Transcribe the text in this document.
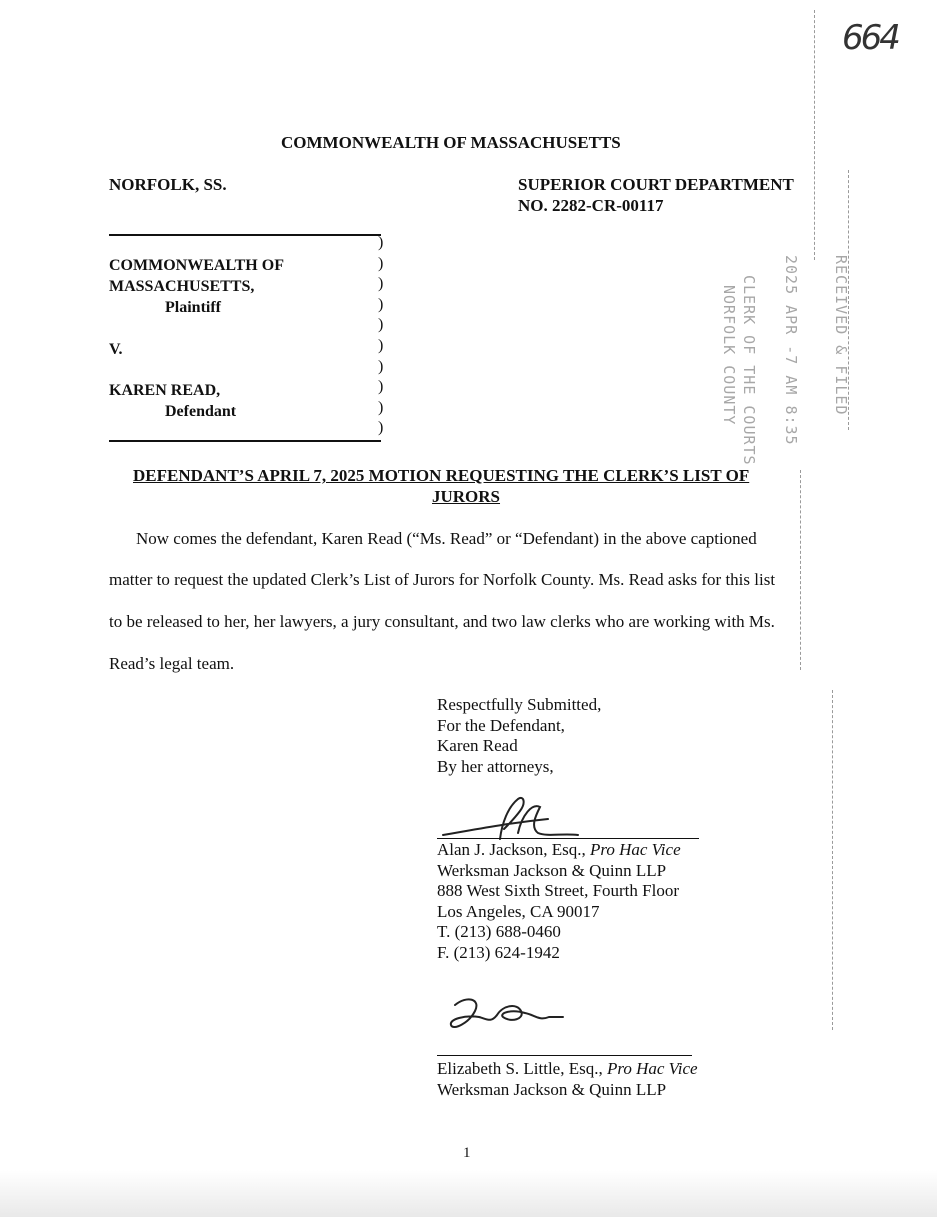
664
COMMONWEALTH OF MASSACHUSETTS
NORFOLK, SS.	SUPERIOR COURT DEPARTMENT
NO. 2282-CR-00117
COMMONWEALTH OF
MASSACHUSETTS,
Plaintiff
V.
KAREN READ,
Defendant
)
)
)
)
)
)
)
)
)
)
RECEIVED & FILED
2025 APR -7 AM 8:35
CLERK OF THE COURTS
NORFOLK COUNTY
DEFENDANT’S APRIL 7, 2025 MOTION REQUESTING THE CLERK’S LIST OF
JURORS
Now comes the defendant, Karen Read (“Ms. Read” or “Defendant) in the above captioned
matter to request the updated Clerk’s List of Jurors for Norfolk County. Ms. Read asks for this list
to be released to her, her lawyers, a jury consultant, and two law clerks who are working with Ms.
Read’s legal team.
Respectfully Submitted,
For the Defendant,
Karen Read
By her attorneys,
Alan J. Jackson, Esq., Pro Hac Vice
Werksman Jackson & Quinn LLP
888 West Sixth Street, Fourth Floor
Los Angeles, CA 90017
T. (213) 688-0460
F. (213) 624-1942
Elizabeth S. Little, Esq., Pro Hac Vice
Werksman Jackson & Quinn LLP
1
